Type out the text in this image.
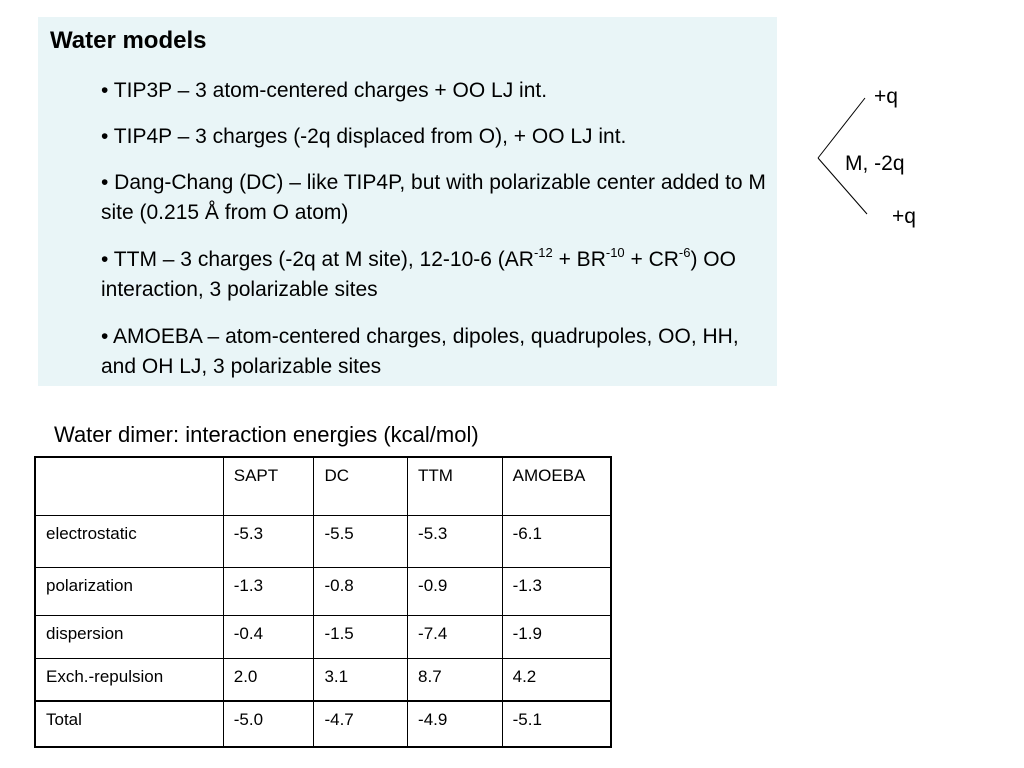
Water models
• TIP3P – 3 atom-centered charges + OO LJ int.
• TIP4P – 3 charges (-2q displaced from O), + OO LJ int.
• Dang-Chang (DC) – like TIP4P, but with polarizable center added to M site (0.215 Å from O atom)
• TTM – 3 charges (-2q at M site), 12-10-6 $(AR^{-12} + BR^{-10} + CR^{-6})$ OO interaction, 3 polarizable sites
• AMOEBA – atom-centered charges, dipoles, quadrupoles, OO, HH, and OH LJ, 3 polarizable sites
+q
M, -2q
+q
Water dimer: interaction energies (kcal/mol)
	SAPT	DC	TTM	AMOEBA
electrostatic	-5.3	-5.5	-5.3	-6.1
polarization	-1.3	-0.8	-0.9	-1.3
dispersion	-0.4	-1.5	-7.4	-1.9
Exch.-repulsion	2.0	3.1	8.7	4.2
Total	-5.0	-4.7	-4.9	-5.1
